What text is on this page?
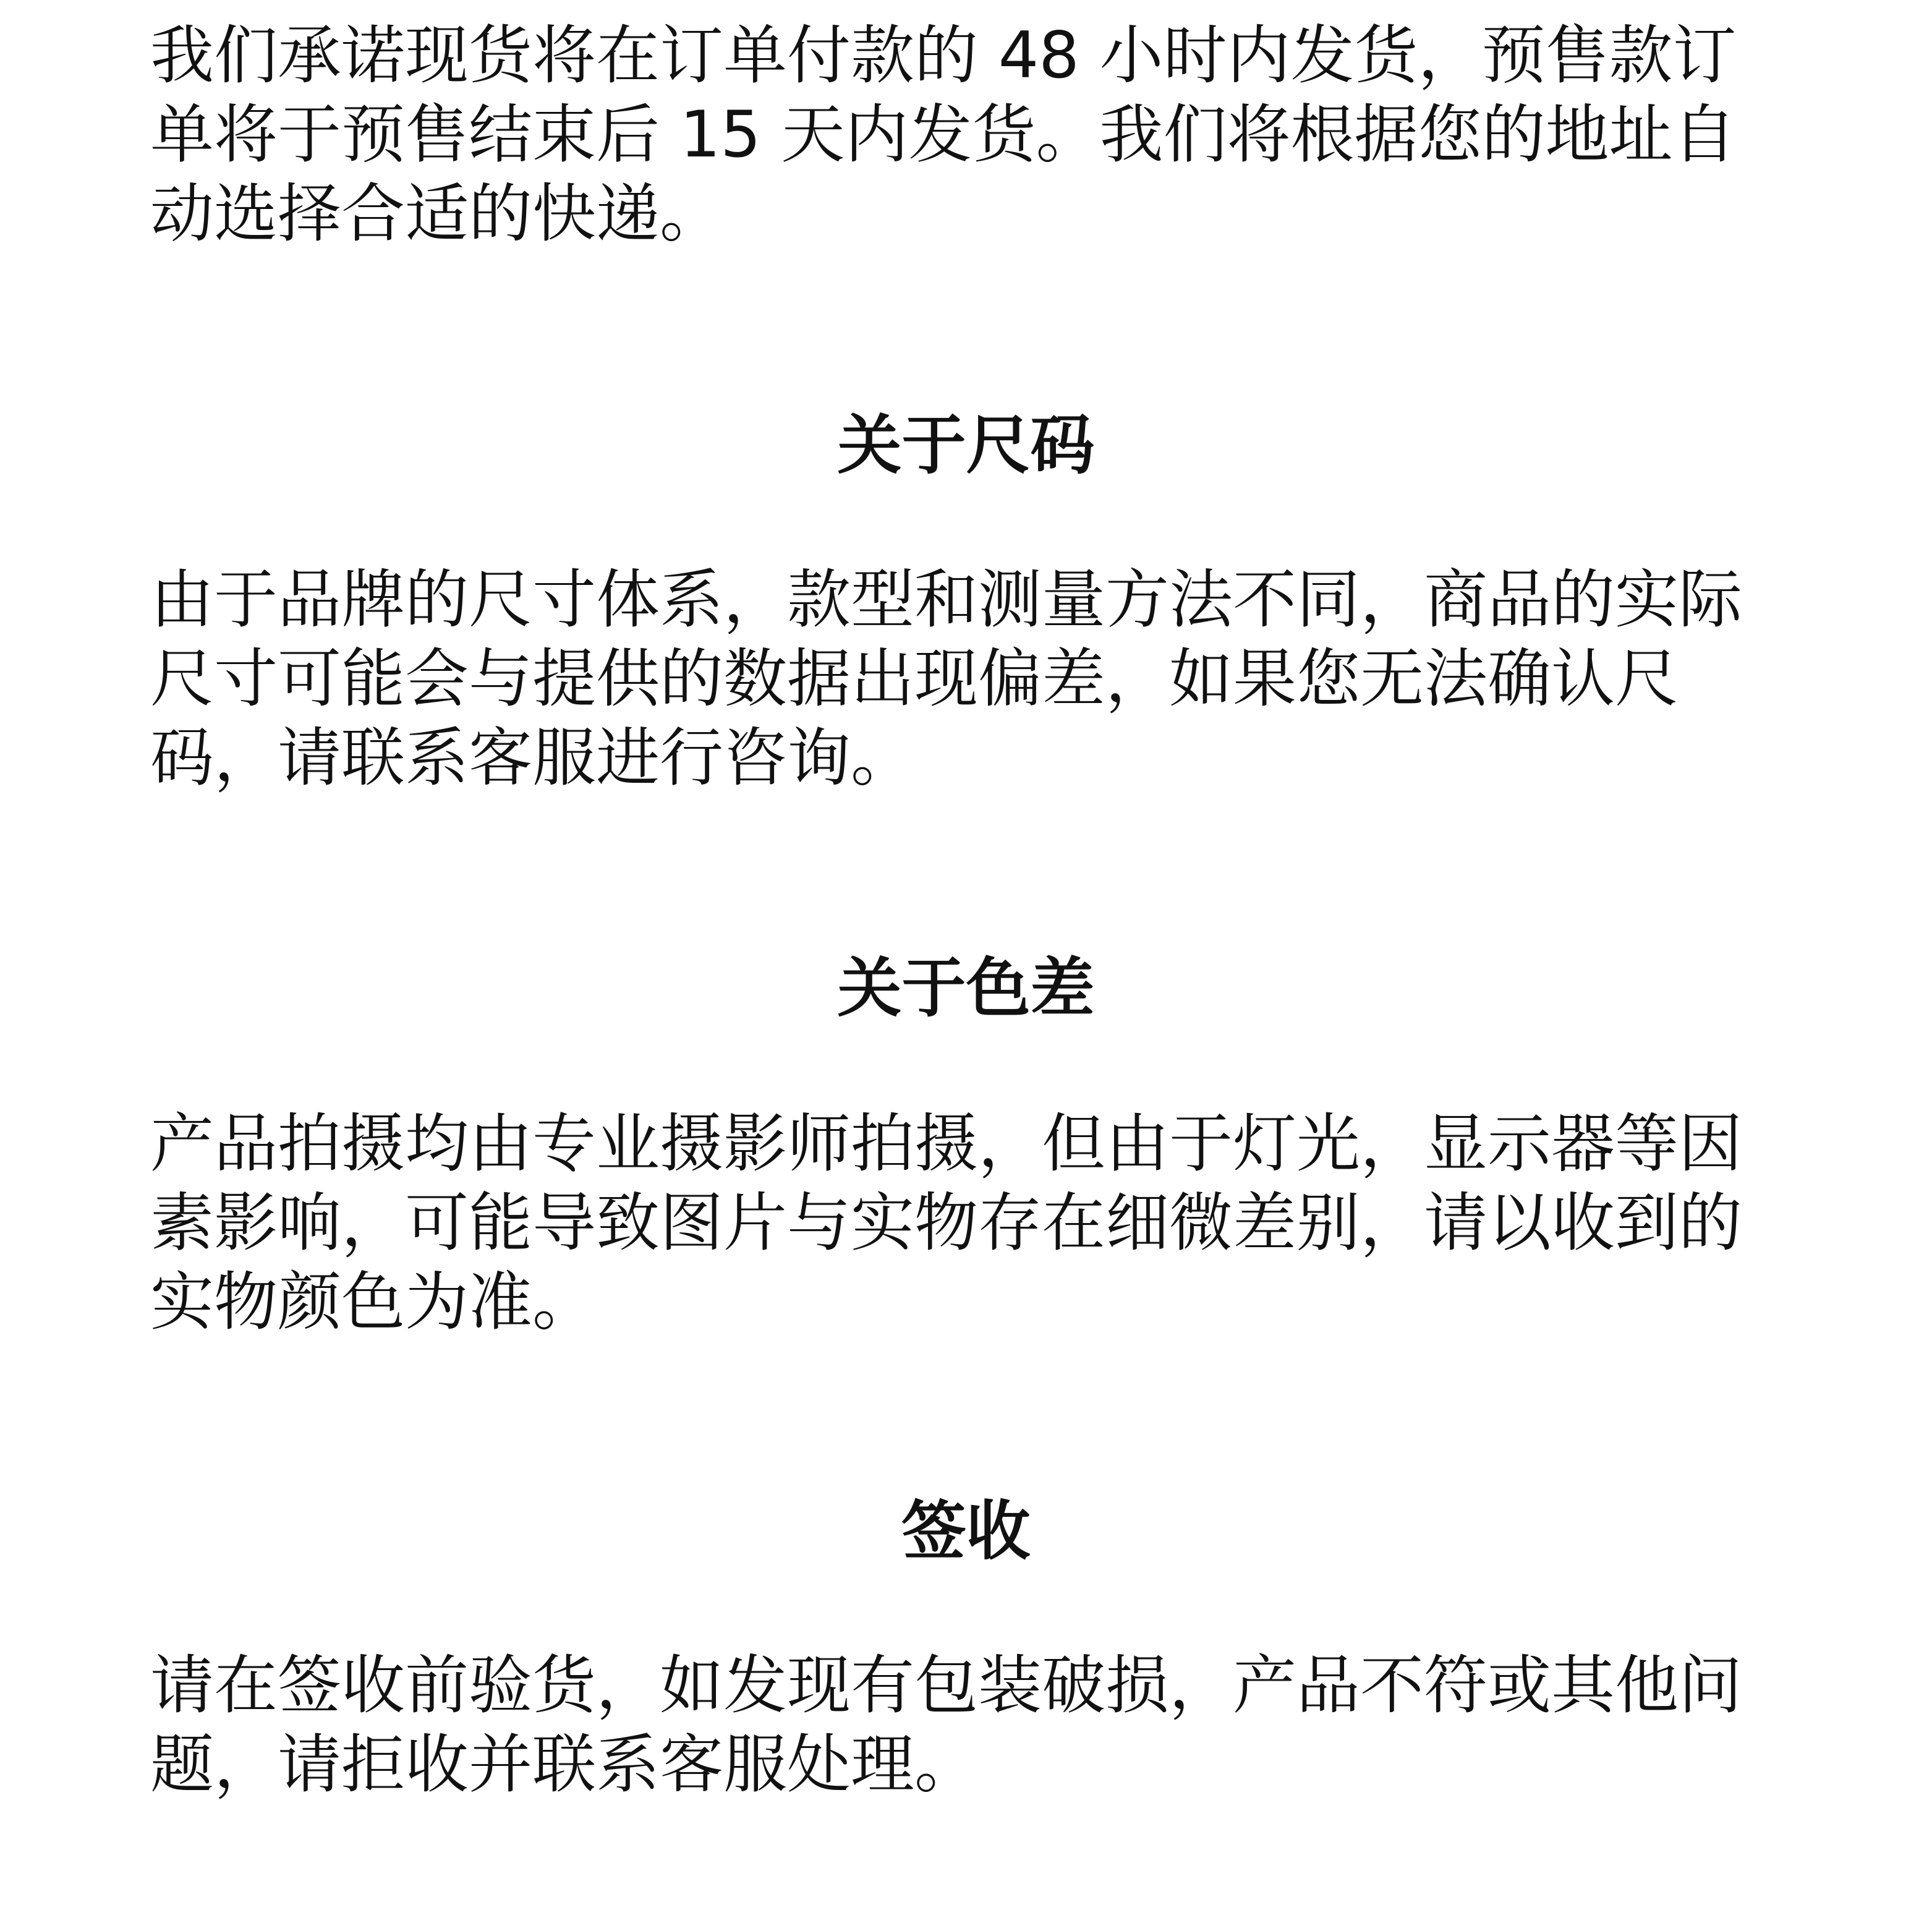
我们承诺现货将在订单付款的 48 小时内发货，预售款订单将于预售结束后 15 天内发货。我们将根据您的地址自动选择合适的快递。

关于尺码

由于品牌的尺寸体系，款型和测量方法不同，商品的实际尺寸可能会与提供的数据出现偏差，如果您无法确认尺码，请联系客服进行咨询。

关于色差

产品拍摄均由专业摄影师拍摄，但由于灯光，显示器等因素影响，可能导致图片与实物存在细微差别，请以收到的实物颜色为准。

签收

请在签收前验货，如发现有包装破损，产品不符或其他问题，请拒收并联系客服处理。
